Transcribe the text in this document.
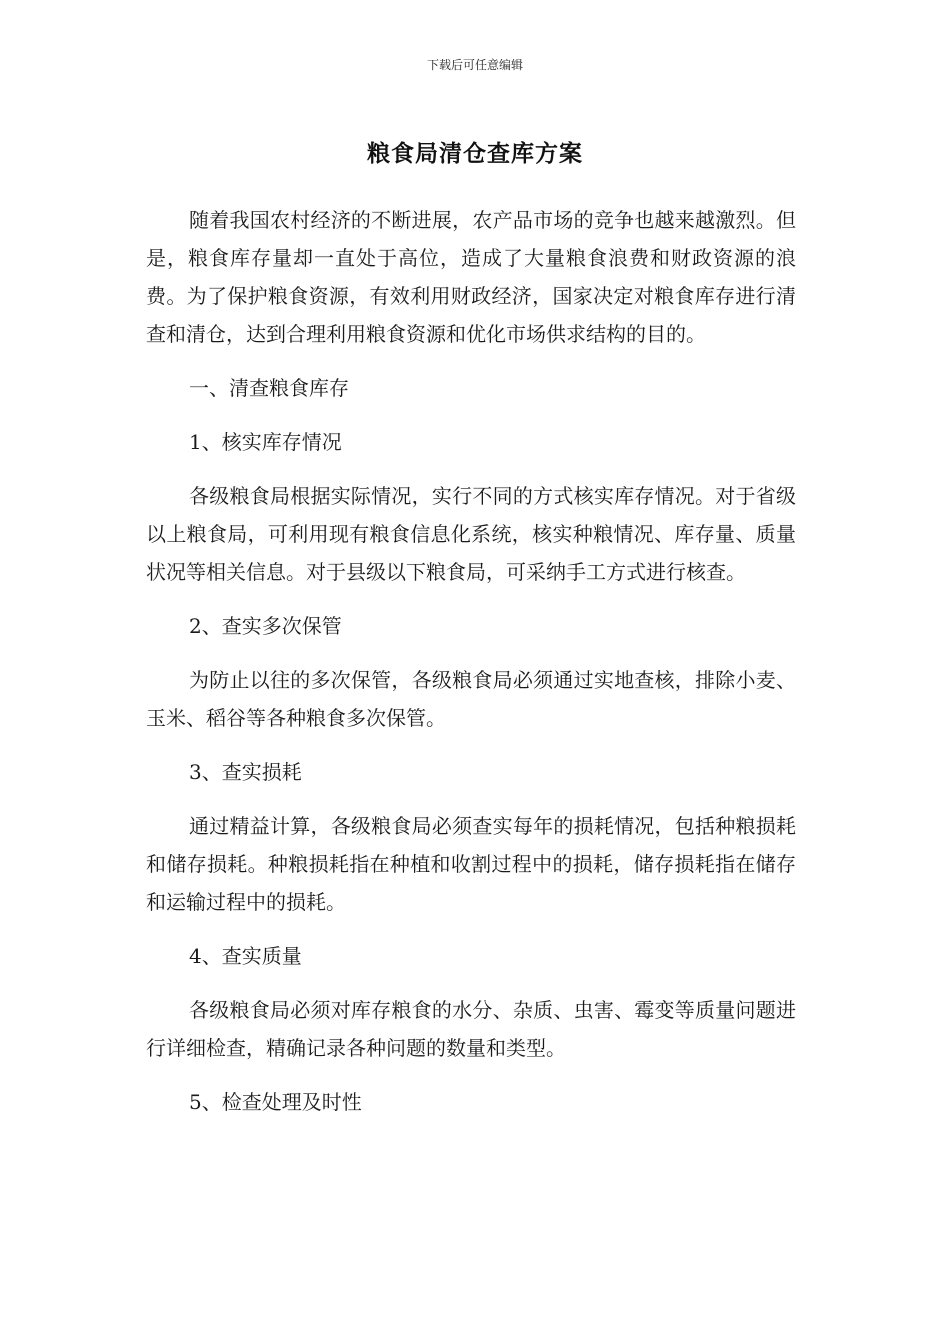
下载后可任意编辑
粮食局清仓查库方案

随着我国农村经济的不断进展，农产品市场的竞争也越来越激烈。但是，粮食库存量却一直处于高位，造成了大量粮食浪费和财政资源的浪费。为了保护粮食资源，有效利用财政经济，国家决定对粮食库存进行清查和清仓，达到合理利用粮食资源和优化市场供求结构的目的。

一、清查粮食库存

1、核实库存情况

各级粮食局根据实际情况，实行不同的方式核实库存情况。对于省级以上粮食局，可利用现有粮食信息化系统，核实种粮情况、库存量、质量状况等相关信息。对于县级以下粮食局，可采纳手工方式进行核查。

2、查实多次保管

为防止以往的多次保管，各级粮食局必须通过实地查核，排除小麦、玉米、稻谷等各种粮食多次保管。

3、查实损耗

通过精益计算，各级粮食局必须查实每年的损耗情况，包括种粮损耗和储存损耗。种粮损耗指在种植和收割过程中的损耗，储存损耗指在储存和运输过程中的损耗。

4、查实质量

各级粮食局必须对库存粮食的水分、杂质、虫害、霉变等质量问题进行详细检查，精确记录各种问题的数量和类型。

5、检查处理及时性
